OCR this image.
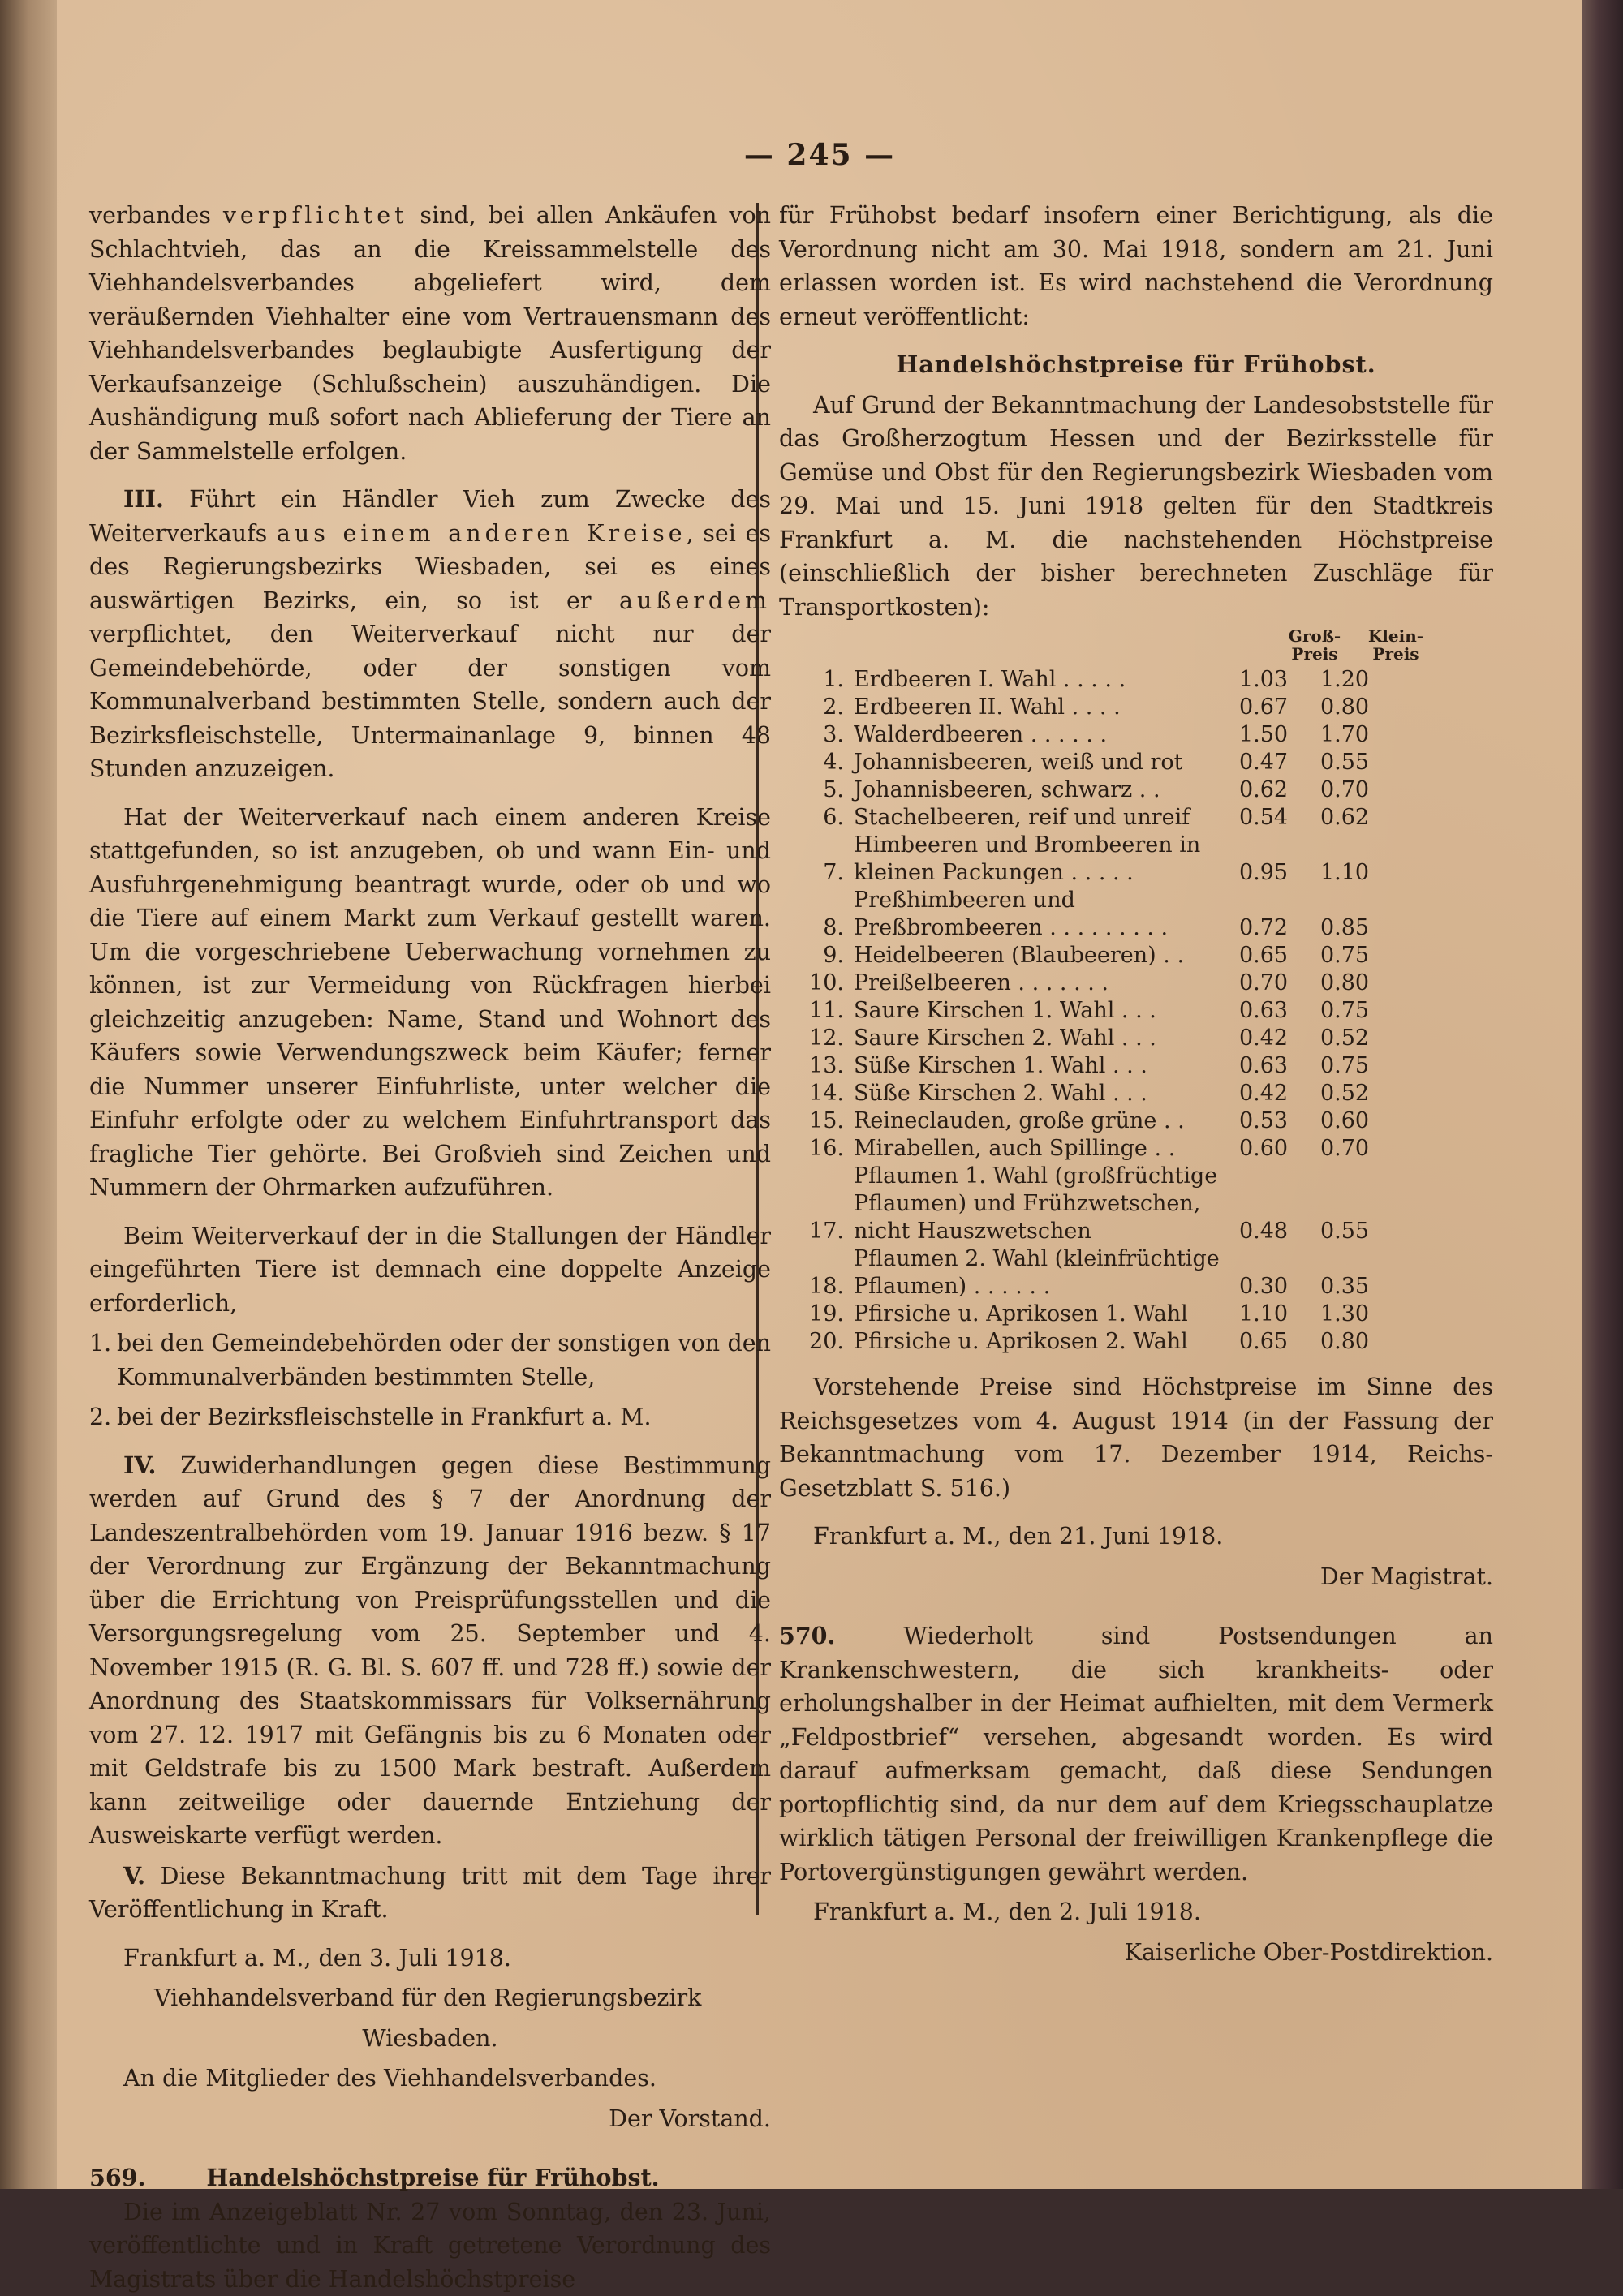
— 245 —

verbandes verpflichtet sind, bei allen Ankäufen von Schlachtvieh, das an die Kreissammelstelle des Viehhandelsverbandes abgeliefert wird, dem veräußernden Viehhalter eine vom Vertrauensmann des Viehhandelsverbandes beglaubigte Ausfertigung der Verkaufsanzeige (Schlußschein) auszuhändigen. Die Aushändigung muß sofort nach Ablieferung der Tiere an der Sammelstelle erfolgen.

III. Führt ein Händler Vieh zum Zwecke des Weiterverkaufs aus einem anderen Kreise, sei es des Regierungsbezirks Wiesbaden, sei es eines auswärtigen Bezirks, ein, so ist er außerdem verpflichtet, den Weiterverkauf nicht nur der Gemeindebehörde, oder der sonstigen vom Kommunalverband bestimmten Stelle, sondern auch der Bezirksfleischstelle, Untermainanlage 9, binnen 48 Stunden anzuzeigen.

Hat der Weiterverkauf nach einem anderen Kreise stattgefunden, so ist anzugeben, ob und wann Ein- und Ausfuhrgenehmigung beantragt wurde, oder ob und wo die Tiere auf einem Markt zum Verkauf gestellt waren. Um die vorgeschriebene Ueberwachung vornehmen zu können, ist zur Vermeidung von Rückfragen hierbei gleichzeitig anzugeben: Name, Stand und Wohnort des Käufers sowie Verwendungszweck beim Käufer; ferner die Nummer unserer Einfuhrliste, unter welcher die Einfuhr erfolgte oder zu welchem Einfuhrtransport das fragliche Tier gehörte. Bei Großvieh sind Zeichen und Nummern der Ohrmarken aufzuführen.

Beim Weiterverkauf der in die Stallungen der Händler eingeführten Tiere ist demnach eine doppelte Anzeige erforderlich,

1. bei den Gemeindebehörden oder der sonstigen von den Kommunalverbänden bestimmten Stelle,

2. bei der Bezirksfleischstelle in Frankfurt a. M.

IV. Zuwiderhandlungen gegen diese Bestimmung werden auf Grund des § 7 der Anordnung der Landeszentralbehörden vom 19. Januar 1916 bezw. § 17 der Verordnung zur Ergänzung der Bekanntmachung über die Errichtung von Preisprüfungsstellen und die Versorgungsregelung vom 25. September und 4. November 1915 (R. G. Bl. S. 607 ff. und 728 ff.) sowie der Anordnung des Staatskommissars für Volksernährung vom 27. 12. 1917 mit Gefängnis bis zu 6 Monaten oder mit Geldstrafe bis zu 1500 Mark bestraft. Außerdem kann zeitweilige oder dauernde Entziehung der Ausweiskarte verfügt werden.

V. Diese Bekanntmachung tritt mit dem Tage ihrer Veröffentlichung in Kraft.

Frankfurt a. M., den 3. Juli 1918.

Viehhandelsverband für den Regierungsbezirk

Wiesbaden.

An die Mitglieder des Viehhandelsverbandes.

Der Vorstand.

569.	Handelshöchstpreise für Frühobst.

Die im Anzeigeblatt Nr. 27 vom Sonntag, den 23. Juni, veröffentlichte und in Kraft getretene Verordnung des Magistrats über die Handelshöchstpreise

für Frühobst bedarf insofern einer Berichtigung, als die Verordnung nicht am 30. Mai 1918, sondern am 21. Juni erlassen worden ist. Es wird nachstehend die Verordnung erneut veröffentlicht:

Handelshöchstpreise für Frühobst.

Auf Grund der Bekanntmachung der Landesobststelle für das Großherzogtum Hessen und der Bezirksstelle für Gemüse und Obst für den Regierungsbezirk Wiesbaden vom 29. Mai und 15. Juni 1918 gelten für den Stadtkreis Frankfurt a. M. die nachstehenden Höchstpreise (einschließlich der bisher berechneten Zuschläge für Transportkosten):

Groß-
Preis
Klein-
Preis
1. Erdbeeren I. Wahl . . . . .	1.03	1.20
2. Erdbeeren II. Wahl . . . .	0.67	0.80
3. Walderdbeeren . . . . . .	1.50	1.70
4. Johannisbeeren, weiß und rot	0.47	0.55
5. Johannisbeeren, schwarz . .	0.62	0.70
6. Stachelbeeren, reif und unreif	0.54	0.62
7.
Himbeeren und Brombeeren in kleinen Packungen . . . . .	0.95	1.10
8.
Preßhimbeeren und Preßbrombeeren . . . . . . . . .	0.72	0.85
9. Heidelbeeren (Blaubeeren) . .	0.65	0.75
10. Preißelbeeren . . . . . . .	0.70	0.80
11. Saure Kirschen 1. Wahl . . .	0.63	0.75
12. Saure Kirschen 2. Wahl . . .	0.42	0.52
13. Süße Kirschen 1. Wahl . . .	0.63	0.75
14. Süße Kirschen 2. Wahl . . .	0.42	0.52
15. Reineclauden, große grüne . .	0.53	0.60
16. Mirabellen, auch Spillinge . .	0.60	0.70
17.
Pflaumen 1. Wahl (großfrüchtige Pflaumen) und Frühzwetschen, nicht Hauszwetschen	0.48	0.55
18.
Pflaumen 2. Wahl (kleinfrüchtige Pflaumen) . . . . . .	0.30	0.35
19. Pfirsiche u. Aprikosen 1. Wahl	1.10	1.30
20. Pfirsiche u. Aprikosen 2. Wahl	0.65	0.80

Vorstehende Preise sind Höchstpreise im Sinne des Reichsgesetzes vom 4. August 1914 (in der Fassung der Bekanntmachung vom 17. Dezember 1914, Reichs-Gesetzblatt S. 516.)

Frankfurt a. M., den 21. Juni 1918.

Der Magistrat.

570. Wiederholt sind Postsendungen an Krankenschwestern, die sich krankheits- oder erholungshalber in der Heimat aufhielten, mit dem Vermerk „Feldpostbrief“ versehen, abgesandt worden. Es wird darauf aufmerksam gemacht, daß diese Sendungen portopflichtig sind, da nur dem auf dem Kriegsschauplatze wirklich tätigen Personal der freiwilligen Krankenpflege die Portovergünstigungen gewährt werden.

Frankfurt a. M., den 2. Juli 1918.

Kaiserliche Ober-Postdirektion.
